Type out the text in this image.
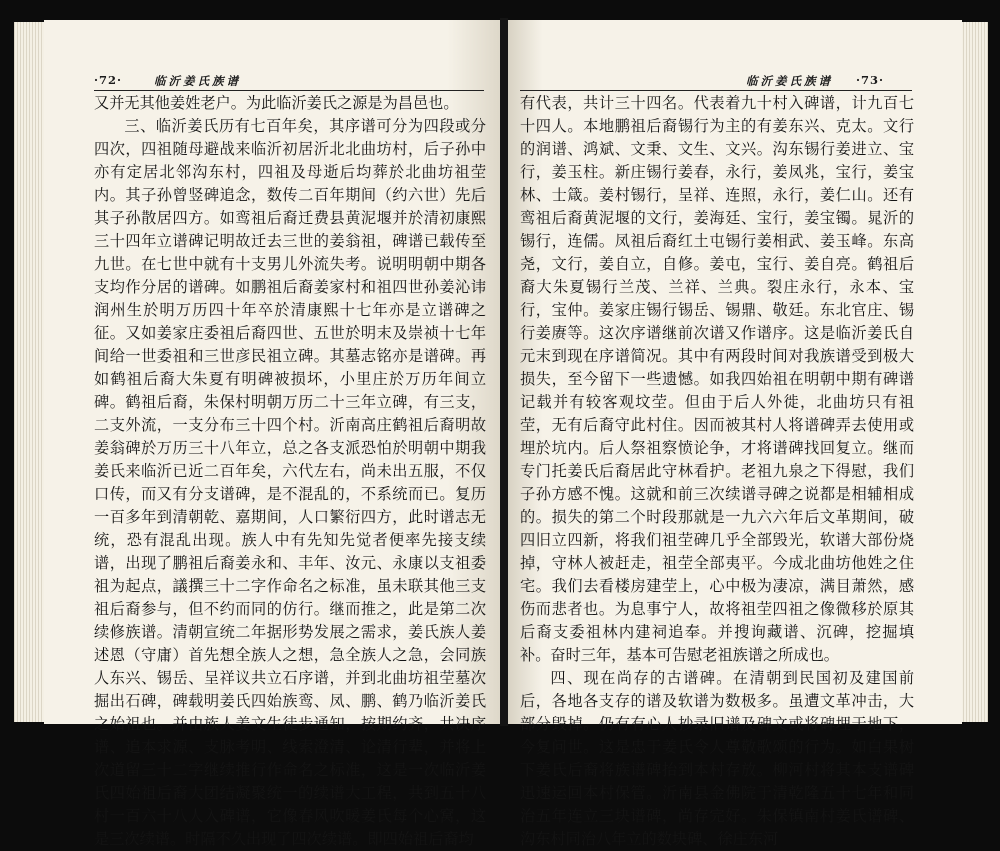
·72·	临沂姜氏族谱

又并无其他姜姓老户。为此临沂姜氏之源是为昌邑也。

三、临沂姜氏历有七百年矣，其序谱可分为四段或分四次，四祖随母避战来临沂初居沂北北曲坊村，后子孙中亦有定居北邻沟东村，四祖及母逝后均葬於北曲坊祖茔内。其子孙曾竖碑追念，数传二百年期间（约六世）先后其子孙散居四方。如鸾祖后裔迁费县黄泥堰并於清初康熙三十四年立谱碑记明故迁去三世的姜翁祖，碑谱已载传至九世。在七世中就有十支男儿外流失考。说明明朝中期各支均作分居的谱碑。如鹏祖后裔姜家村和祖四世孙姜沁讳润州生於明万历四十年卒於清康熙十七年亦是立谱碑之征。又如姜家庄委祖后裔四世、五世於明末及崇祯十七年间给一世委祖和三世彦民祖立碑。其墓志铭亦是谱碑。再如鹤祖后裔大朱夏有明碑被损坏，小里庄於万历年间立碑。鹤祖后裔，朱保村明朝万历二十三年立碑，有三支，二支外流，一支分布三十四个村。沂南高庄鹤祖后裔明故姜翁碑於万历三十八年立，总之各支派恐怕於明朝中期我姜氏来临沂已近二百年矣，六代左右，尚未出五服，不仅口传，而又有分支谱碑，是不混乱的，不系统而已。复历一百多年到清朝乾、嘉期间，人口繁衍四方，此时谱志无统，恐有混乱出现。族人中有先知先觉者便率先接支续谱，出现了鹏祖后裔姜永和、丰年、汝元、永康以支祖委祖为起点，議撰三十二字作命名之标准，虽未联其他三支祖后裔参与，但不约而同的仿行。继而推之，此是第二次续修族谱。清朝宣统二年据形势发展之需求，姜氏族人姜述恩（守庸）首先想全族人之想，急全族人之急，会同族人东兴、锡岳、呈祥议共立石序谱，并到北曲坊祖茔墓次掘出石碑，碑载明姜氏四始族鸾、凤、鹏、鹤乃临沂姜氏之始祖也。并由族人姜文生徒步通知，按期约齐，共决序谱、追本求源、支脉考明、线索澄清、论清行辈，并将上次道留三十二字继续推行作命名之标准，这是一次临沂姜氏四始祖后裔大团结凝聚统一的续谱大工程，共到五十八村一百六十八人入碑谱，它像春风吹暖姜氏每个心窝，这是三次续谱。时隔不久出现了四次续谱。即四始祖后裔均

临沂姜氏族谱 ·73·

有代表，共计三十四名。代表着九十村入碑谱，计九百七十四人。本地鹏祖后裔锡行为主的有姜东兴、克太。文行的润谱、鸿斌、文秉、文生、文兴。沟东锡行姜进立、宝行，姜玉柱。新庄锡行姜春，永行，姜凤兆，宝行，姜宝林、士箴。姜村锡行，呈祥、连照，永行，姜仁山。还有鸾祖后裔黄泥堰的文行，姜海廷、宝行，姜宝镯。晁沂的锡行，连儒。凤祖后裔红土屯锡行姜相武、姜玉峰。东高尧，文行，姜自立，自修。姜屯，宝行、姜自亮。鹤祖后裔大朱夏锡行兰茂、兰祥、兰典。裂庄永行，永本、宝行，宝仲。姜家庄锡行锡岳、锡鼎、敬廷。东北官庄、锡行姜赓等。这次序谱继前次谱又作谱序。这是临沂姜氏自元末到现在序谱简况。其中有两段时间对我族谱受到极大损失，至今留下一些遗憾。如我四始祖在明朝中期有碑谱记载并有较客观坟茔。但由于后人外徙，北曲坊只有祖茔，无有后裔守此村住。因而被其村人将谱碑弄去使用或埋於坑内。后人祭祖察愤论争，才将谱碑找回复立。继而专门托姜氏后裔居此守林看护。老祖九泉之下得慰，我们子孙方感不愧。这就和前三次续谱寻碑之说都是相辅相成的。损失的第二个时段那就是一九六六年后文革期间，破四旧立四新，将我们祖茔碑几乎全部毁光，软谱大部份烧掉，守林人被赶走，祖茔全部夷平。今成北曲坊他姓之住宅。我们去看楼房建茔上，心中极为凄凉，满目萧然，感伤而悲者也。为息事宁人，故将祖茔四祖之像微移於原其后裔支委祖林内建祠追奉。并搜询藏谱、沉碑，挖掘填补。奋时三年，基本可告慰老祖族谱之所成也。

四、现在尚存的古谱碑。在清朝到民国初及建国前后，各地各支存的谱及软谱为数极多。虽遭文革冲击，大部分毁掉。仍有有心人抄录旧谱及碑文或将碑埋于地下，今复问世。这是忠于姜氏令人尊敬歌颂的行为。如白果树下姜氏后裔将族谱碑抬到本村存放。柳河村将其本支谱碑迅速运回本村保管。沂南县金佛院于清乾隆五十七年和同治五年连立三块谱碑，尚存完好。朱保镇南村姜氏谱碑、沟东村同治八年立的数块碑、徐庄东河
